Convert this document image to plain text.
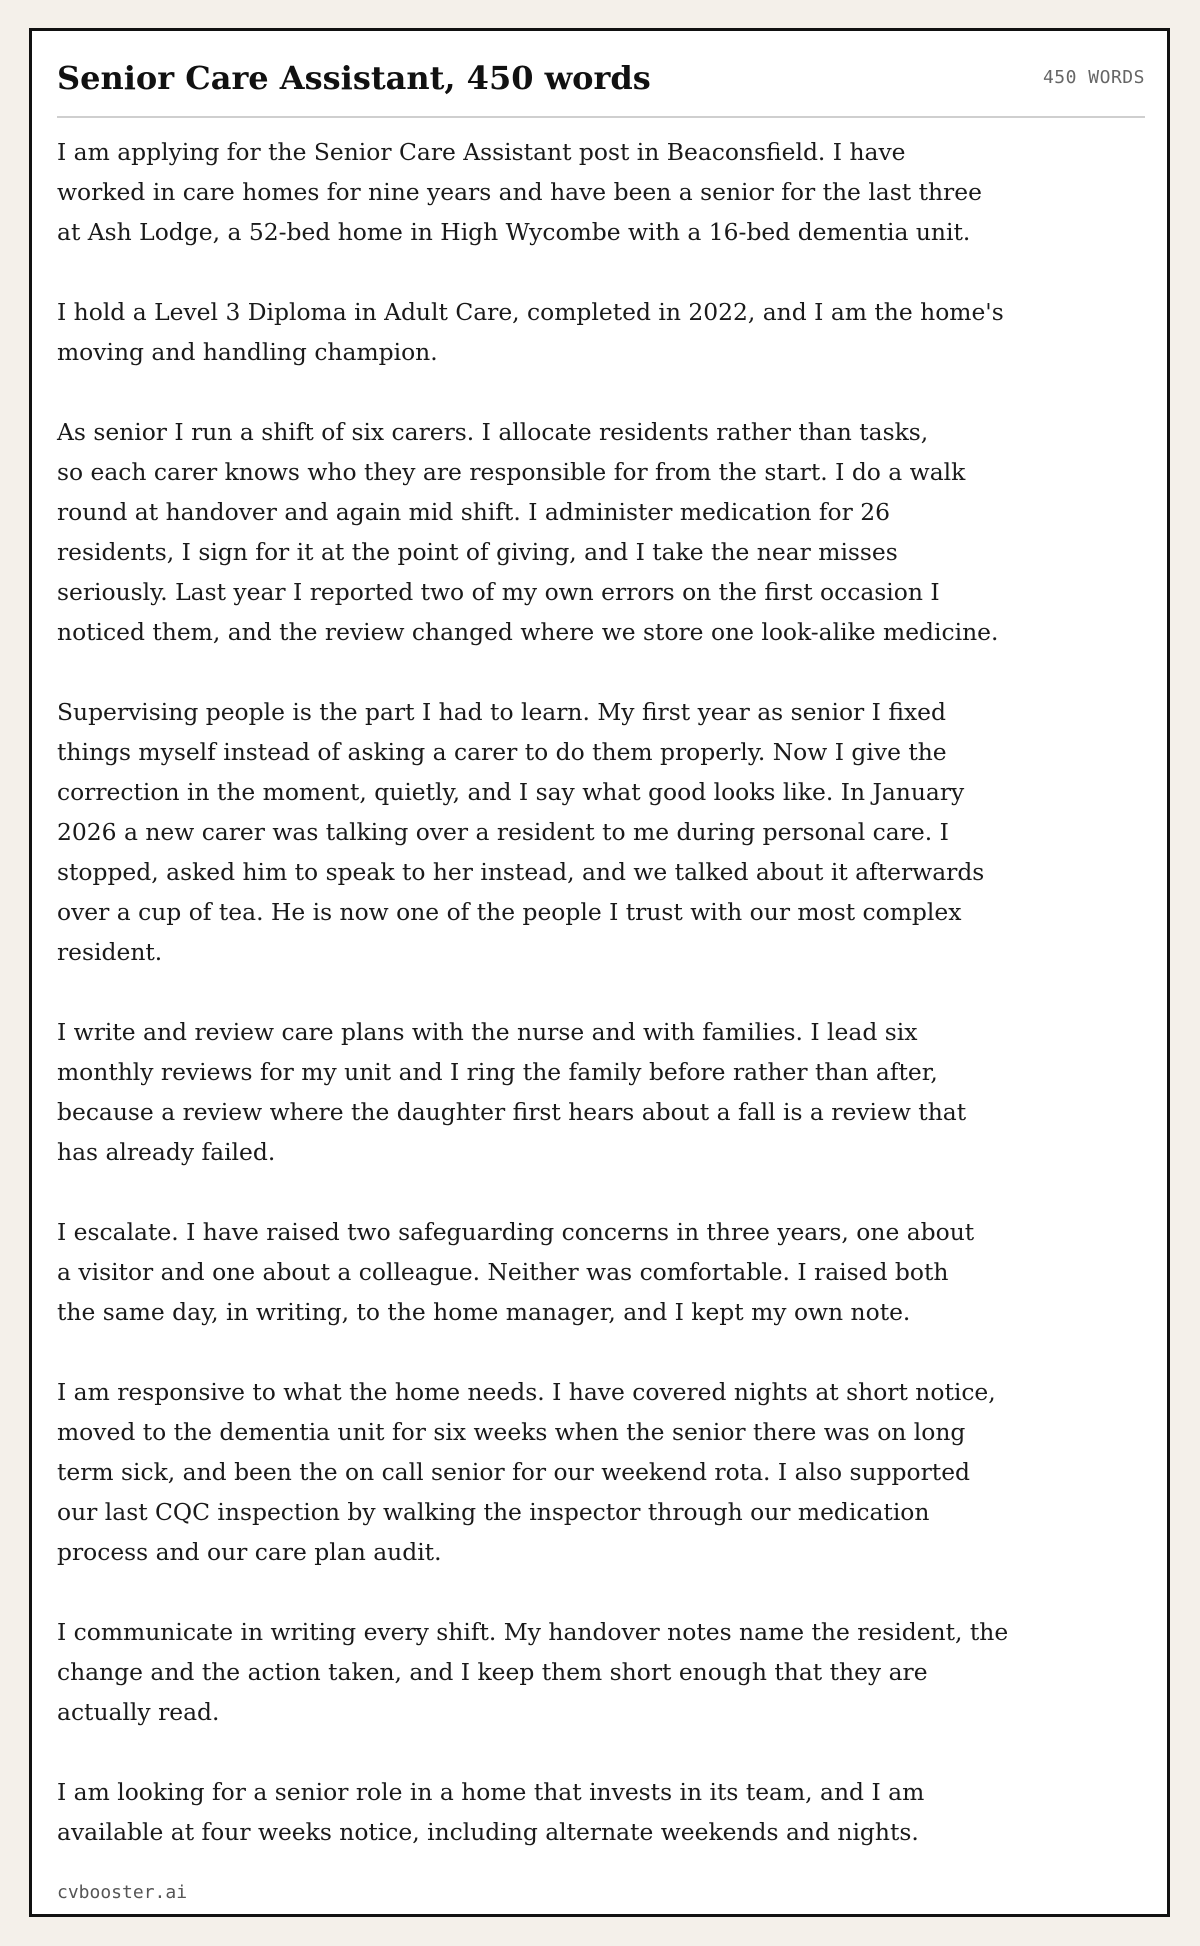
Senior Care Assistant, 450 words	450 WORDS

I am applying for the Senior Care Assistant post in Beaconsfield. I have
worked in care homes for nine years and have been a senior for the last three
at Ash Lodge, a 52-bed home in High Wycombe with a 16-bed dementia unit.

I hold a Level 3 Diploma in Adult Care, completed in 2022, and I am the home's
moving and handling champion.

As senior I run a shift of six carers. I allocate residents rather than tasks,
so each carer knows who they are responsible for from the start. I do a walk
round at handover and again mid shift. I administer medication for 26
residents, I sign for it at the point of giving, and I take the near misses
seriously. Last year I reported two of my own errors on the first occasion I
noticed them, and the review changed where we store one look-alike medicine.

Supervising people is the part I had to learn. My first year as senior I fixed
things myself instead of asking a carer to do them properly. Now I give the
correction in the moment, quietly, and I say what good looks like. In January
2026 a new carer was talking over a resident to me during personal care. I
stopped, asked him to speak to her instead, and we talked about it afterwards
over a cup of tea. He is now one of the people I trust with our most complex
resident.

I write and review care plans with the nurse and with families. I lead six
monthly reviews for my unit and I ring the family before rather than after,
because a review where the daughter first hears about a fall is a review that
has already failed.

I escalate. I have raised two safeguarding concerns in three years, one about
a visitor and one about a colleague. Neither was comfortable. I raised both
the same day, in writing, to the home manager, and I kept my own note.

I am responsive to what the home needs. I have covered nights at short notice,
moved to the dementia unit for six weeks when the senior there was on long
term sick, and been the on call senior for our weekend rota. I also supported
our last CQC inspection by walking the inspector through our medication
process and our care plan audit.

I communicate in writing every shift. My handover notes name the resident, the
change and the action taken, and I keep them short enough that they are
actually read.

I am looking for a senior role in a home that invests in its team, and I am
available at four weeks notice, including alternate weekends and nights.

cvbooster.ai
